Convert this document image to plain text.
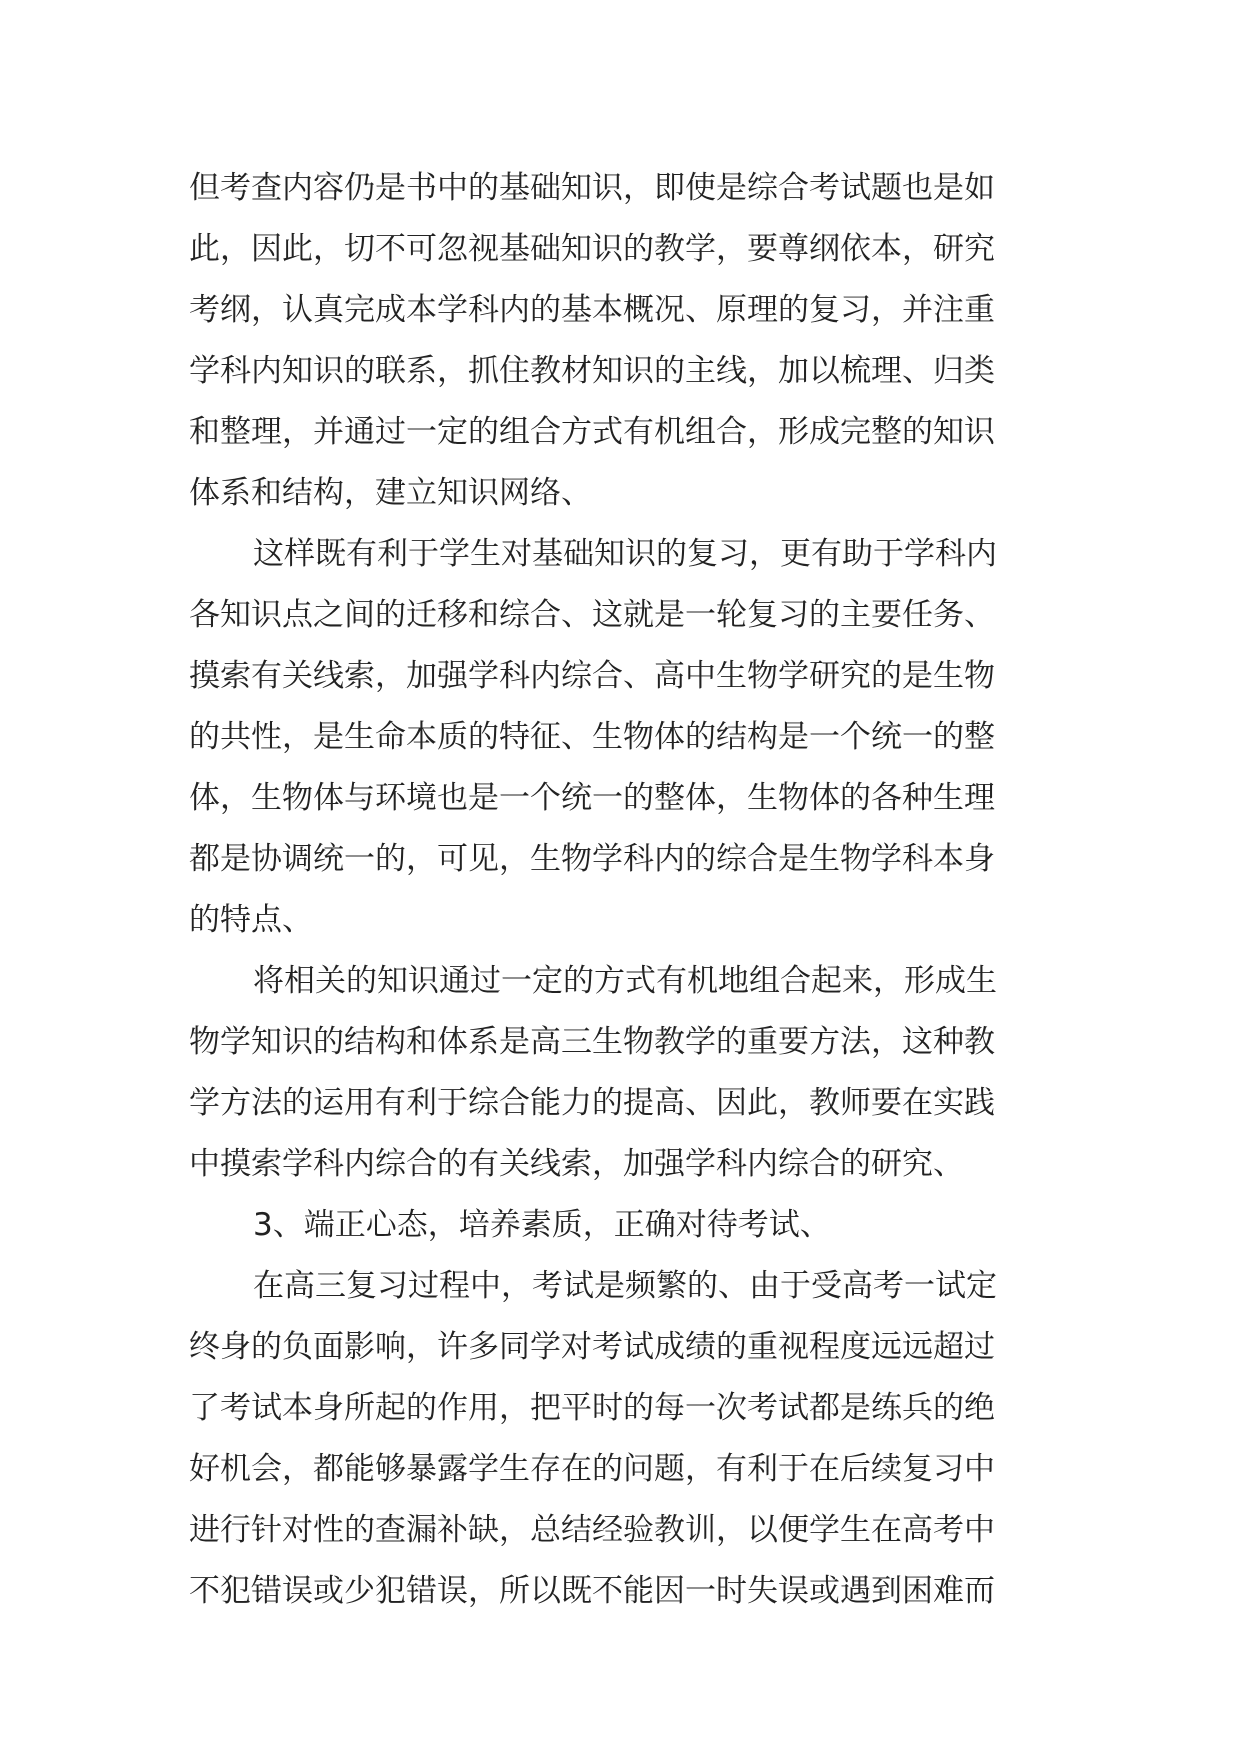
但考查内容仍是书中的基础知识，即使是综合考试题也是如
此，因此，切不可忽视基础知识的教学，要尊纲依本，研究
考纲，认真完成本学科内的基本概况、原理的复习，并注重
学科内知识的联系，抓住教材知识的主线，加以梳理、归类
和整理，并通过一定的组合方式有机组合，形成完整的知识
体系和结构，建立知识网络、

这样既有利于学生对基础知识的复习，更有助于学科内
各知识点之间的迁移和综合、这就是一轮复习的主要任务、
摸索有关线索，加强学科内综合、高中生物学研究的是生物
的共性，是生命本质的特征、生物体的结构是一个统一的整
体，生物体与环境也是一个统一的整体，生物体的各种生理
都是协调统一的，可见，生物学科内的综合是生物学科本身
的特点、

将相关的知识通过一定的方式有机地组合起来，形成生
物学知识的结构和体系是高三生物教学的重要方法，这种教
学方法的运用有利于综合能力的提高、因此，教师要在实践
中摸索学科内综合的有关线索，加强学科内综合的研究、

3、端正心态，培养素质，正确对待考试、

在高三复习过程中，考试是频繁的、由于受高考一试定
终身的负面影响，许多同学对考试成绩的重视程度远远超过
了考试本身所起的作用，把平时的每一次考试都是练兵的绝
好机会，都能够暴露学生存在的问题，有利于在后续复习中
进行针对性的查漏补缺，总结经验教训，以便学生在高考中
不犯错误或少犯错误，所以既不能因一时失误或遇到困难而
